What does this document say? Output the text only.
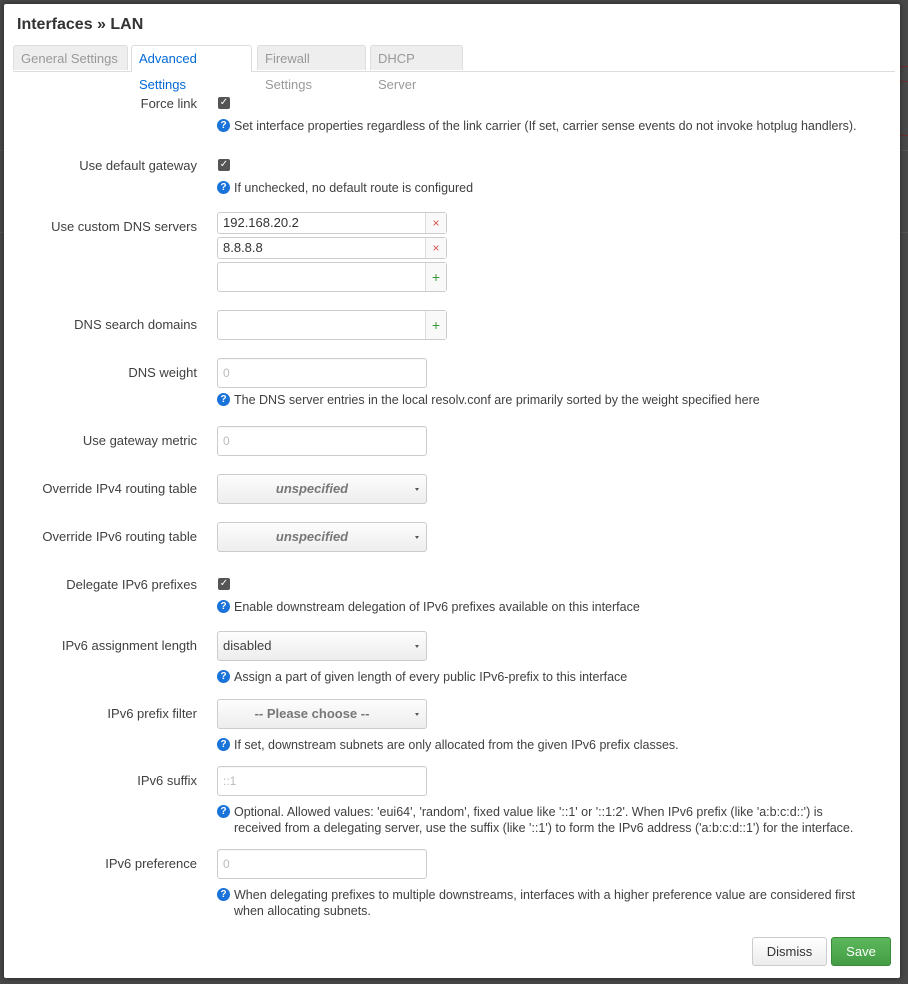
Interfaces » LAN
General Settings	Advanced Settings
Firewall Settings
DHCP Server
Force link ✓
? Set interface properties regardless of the link carrier (If set, carrier sense events do not invoke hotplug handlers).
Use default gateway ✓
? If unchecked, no default route is configured
Use custom DNS servers 192.168.20.2	×
8.8.8.8	×
+
DNS search domains	+
DNS weight	0
? The DNS server entries in the local resolv.conf are primarily sorted by the weight specified here
Use gateway metric	0
Override IPv4 routing table	unspecified
Override IPv6 routing table	unspecified
Delegate IPv6 prefixes ✓
? Enable downstream delegation of IPv6 prefixes available on this interface
IPv6 assignment length disabled
? Assign a part of given length of every public IPv6-prefix to this interface
IPv6 prefix filter	-- Please choose --
? If set, downstream subnets are only allocated from the given IPv6 prefix classes.
IPv6 suffix	::1
? Optional. Allowed values: 'eui64', 'random', fixed value like '::1' or '::1:2'. When IPv6 prefix (like 'a:b:c:d::') is
received from a delegating server, use the suffix (like '::1') to form the IPv6 address ('a:b:c:d::1') for the interface.
IPv6 preference	0
? When delegating prefixes to multiple downstreams, interfaces with a higher preference value are considered first
when allocating subnets.
Dismiss	Save
